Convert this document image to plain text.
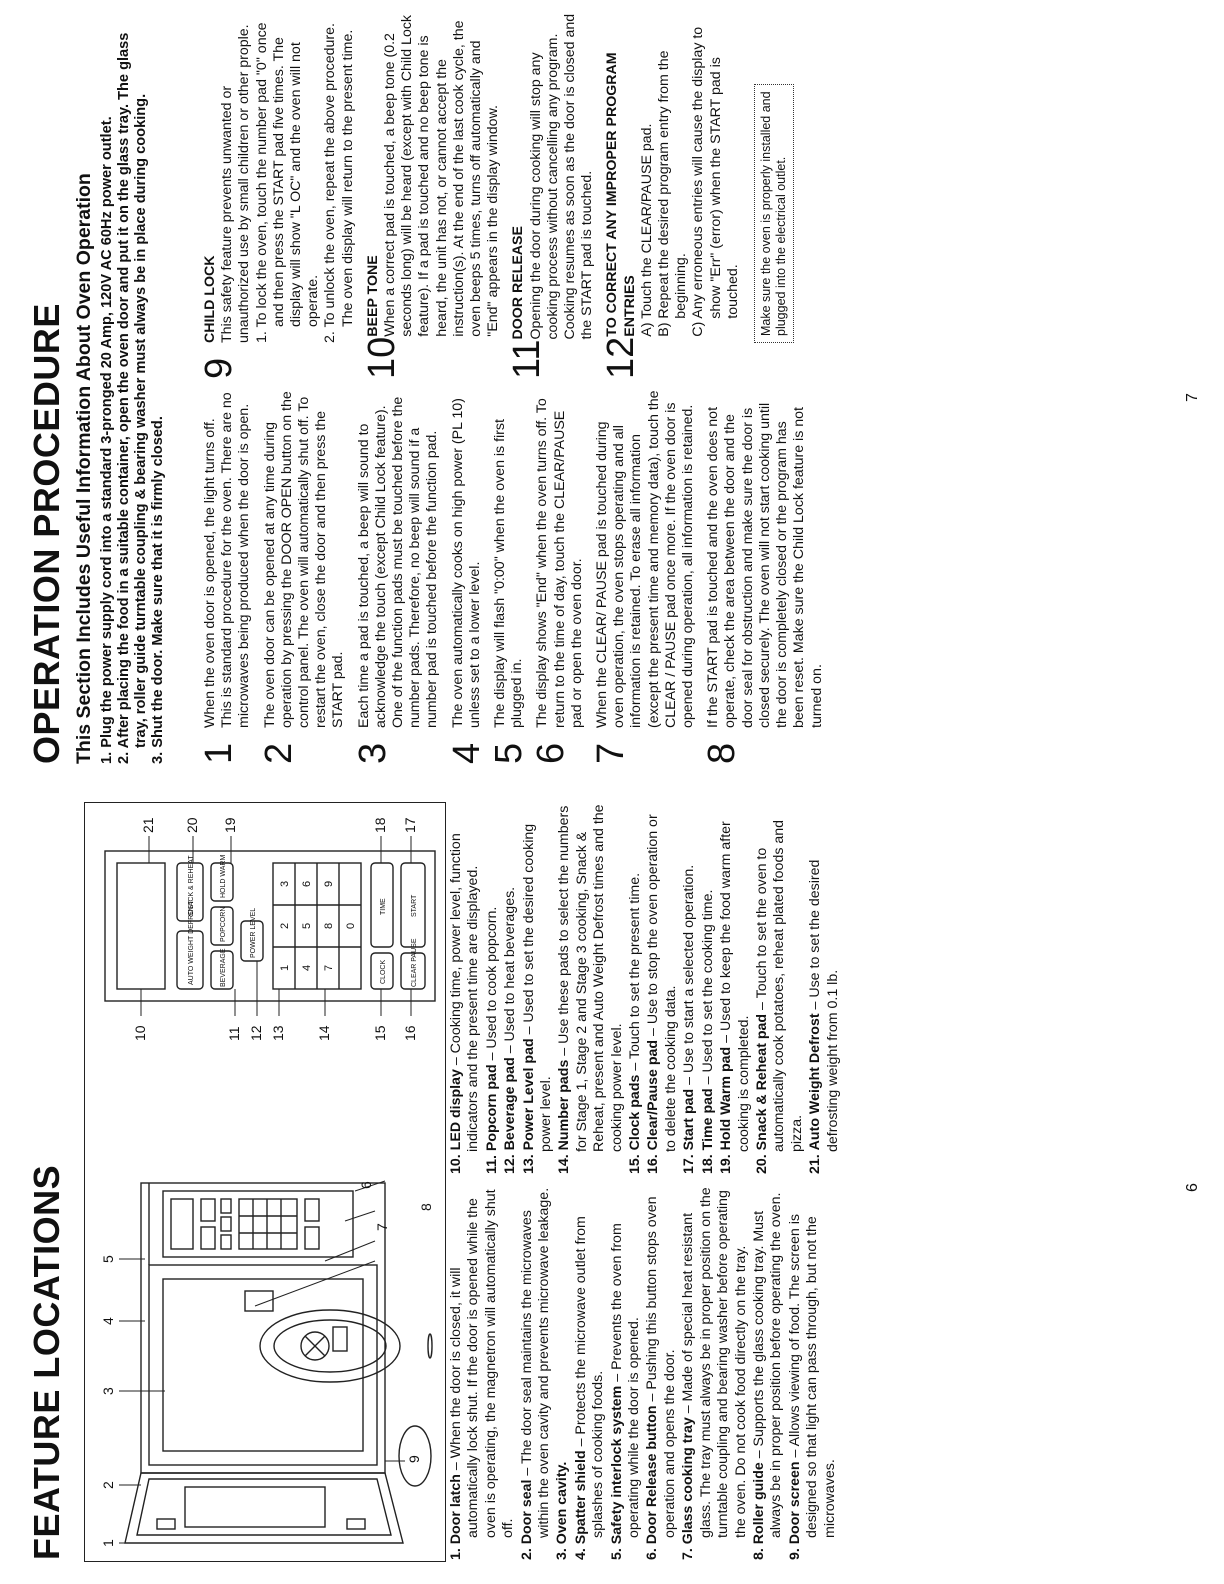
FEATURE LOCATIONS 1
2
3
4
5
6
7
8
9
AUTO WEIGHT DEFROST
SNACK & REHEAT
BEVERAGE
POPCORN
HOLD WARM
POWER LEVEL
CLOCK
TIME
CLEAR PAUSE
START
1
2
3
4
5
6
7
8
9
0
10	11 12 13 14	15 16
17
18
19
20
21

1. Door latch – When the door is closed, it will automatically lock shut. If the door is opened while the oven is operating, the magnetron will automatically shut off.

2. Door seal – The door seal maintains the microwaves within the oven cavity and prevents microwave leakage.

3. Oven cavity.

4. Spatter shield – Protects the microwave outlet from splashes of cooking foods.

5. Safety interlock system – Prevents the oven from operating while the door is opened.

6. Door Release button – Pushing this button stops oven operation and opens the door.

7. Glass cooking tray – Made of special heat resistant glass. The tray must always be in proper position on the turntable coupling and bearing washer before operating the oven. Do not cook food directly on the tray.

8. Roller guide – Supports the glass cooking tray. Must always be in proper position before operating the oven.

9. Door screen – Allows viewing of food. The screen is designed so that light can pass through, but not the microwaves.

10. LED display – Cooking time, power level, function indicators and the present time are displayed.

11. Popcorn pad – Used to cook popcorn.

12. Beverage pad – Used to heat beverages.

13. Power Level pad – Used to set the desired cooking power level.

14. Number pads – Use these pads to select the numbers for Stage 1, Stage 2 and Stage 3 cooking, Snack & Reheat, present and Auto Weight Defrost times and the cooking power level.

15. Clock pads – Touch to set the present time.

16. Clear/Pause pad – Use to stop the oven operation or to delete the cooking data.

17. Start pad – Use to start a selected operation.

18. Time pad – Used to set the cooking time.

19. Hold Warm pad – Used to keep the food warm after cooking is completed.

20. Snack & Reheat pad – Touch to set the oven to automatically cook potatoes, reheat plated foods and pizza.

21. Auto Weight Defrost – Use to set the desired defrosting weight from 0.1 lb.

6
OPERATION PROCEDURE This Section Includes Useful Information About Oven Operation 1. Plug the power supply cord into a standard 3-pronged 20 Amp, 120V AC 60Hz power outlet. 2. After placing the food in a suitable container, open the oven door and put it on the glass tray. The glass tray, roller guide turntable coupling & bearing washer must always be in place during cooking. 3. Shut the door. Make sure that it is firmly closed. 1
When the oven door is opened, the light turns off. This is standard procedure for the oven. There are no microwaves being produced when the door is open.
2
The oven door can be opened at any time during operation by pressing the DOOR OPEN button on the control panel. The oven will automatically shut off. To restart the oven, close the door and then press the START pad.
3
Each time a pad is touched, a beep will sound to acknowledge the touch (except Child Lock feature). One of the function pads must be touched before the number pads. Therefore, no beep will sound if a number pad is touched before the function pad.
4
The oven automatically cooks on high power (PL 10) unless set to a lower level.
5
The display will flash "0:00" when the oven is first plugged in.
6
The display shows "End" when the oven turns off. To return to the time of day, touch the CLEAR/PAUSE pad or open the oven door.
7
When the CLEAR/ PAUSE pad is touched during oven operation, the oven stops operating and all information is retained. To erase all information (except the present time and memory data), touch the CLEAR / PAUSE pad once more. If the oven door is opened during operation, all information is retained.
8
If the START pad is touched and the oven does not operate, check the area between the door and the door seal for obstruction and make sure the door is closed securely. The oven will not start cooking until the door is completely closed or the program has been reset. Make sure the Child Lock feature is not turned on.
9
CHILD LOCK This safety feature prevents unwanted or unauthorized use by small children or other prople. 1. To lock the oven, touch the number pad "0" once and then press the START pad five times. The display will show "L OC" and the oven will not operate. 2. To unlock the oven, repeat the above procedure. The oven display will return to the present time.

10
BEEP TONE When a correct pad is touched, a beep tone (0.2 seconds long) will be heard (except with Child Lock feature). If a pad is touched and no beep tone is heard, the unit has not, or cannot accept the instruction(s). At the end of the last cook cycle, the oven beeps 5 times, turns off automatically and "End" appears in the display window.
11
DOOR RELEASE Opening the door during cooking will stop any cooking process without cancelling any program. Cooking resumes as soon as the door is closed and the START pad is touched.
12
TO CORRECT ANY IMPROPER PROGRAM ENTRIES A) Touch the CLEAR/PAUSE pad. B) Repeat the desired program entry from the beginning. C) Any erroneous entries will cause the display to show "Err" (error) when the START pad is touched.	Make sure the oven is properly installed and plugged into the electrical outlet.
7
